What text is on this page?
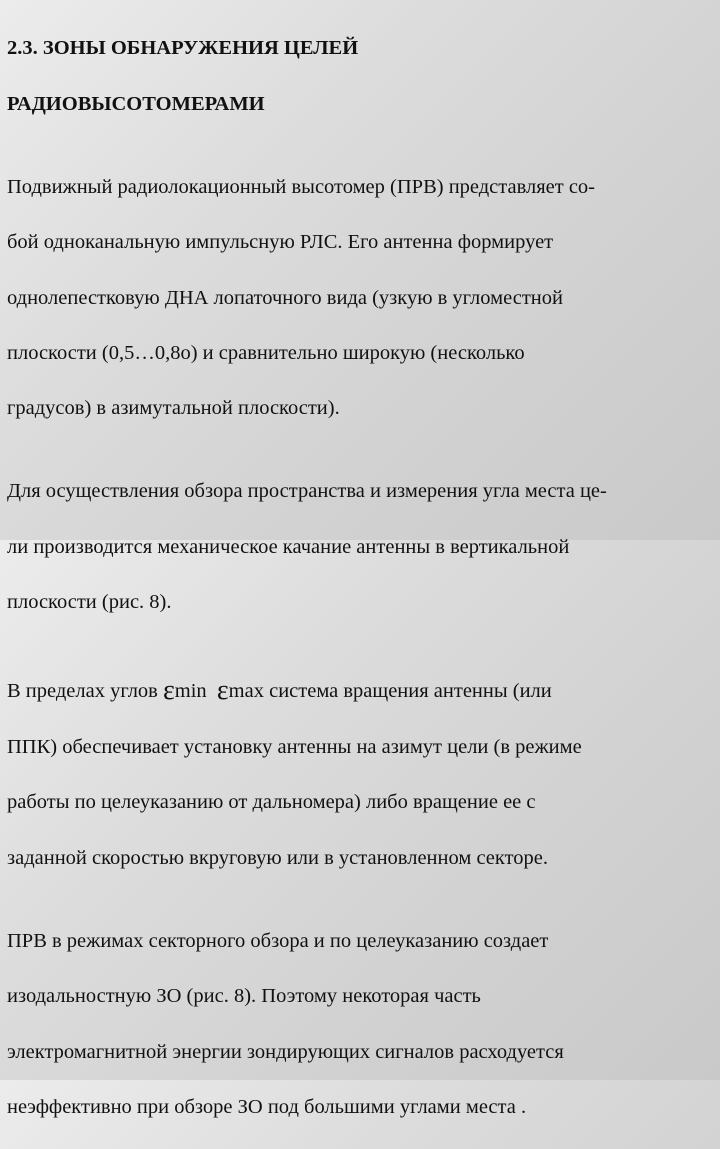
2.3. ЗОНЫ ОБНАРУЖЕНИЯ ЦЕЛЕЙ

РАДИОВЫСОТОМЕРАМИ

Подвижный радиолокационный высотомер (ПРВ) представляет со-

бой одноканальную импульсную РЛС. Его антенна формирует

однолепестковую ДНА лопаточного вида (узкую в угломестной

плоскости (0,5…0,8о) и сравнительно широкую (несколько

градусов) в азимутальной плоскости).

Для осуществления обзора пространства и измерения угла места це-

ли производится механическое качание антенны в вертикальной

плоскости (рис. 8).

В пределах углов εmin εmax система вращения антенны (или

ППК) обеспечивает установку антенны на азимут цели (в режиме

работы по целеуказанию от дальномера) либо вращение ее с

заданной скоростью вкруговую или в установленном секторе.

ПРВ в режимах секторного обзора и по целеуказанию создает

изодальностную ЗО (рис. 8). Поэтому некоторая часть

электромагнитной энергии зондирующих сигналов расходуется

неэффективно при обзоре ЗО под большими углами места .
